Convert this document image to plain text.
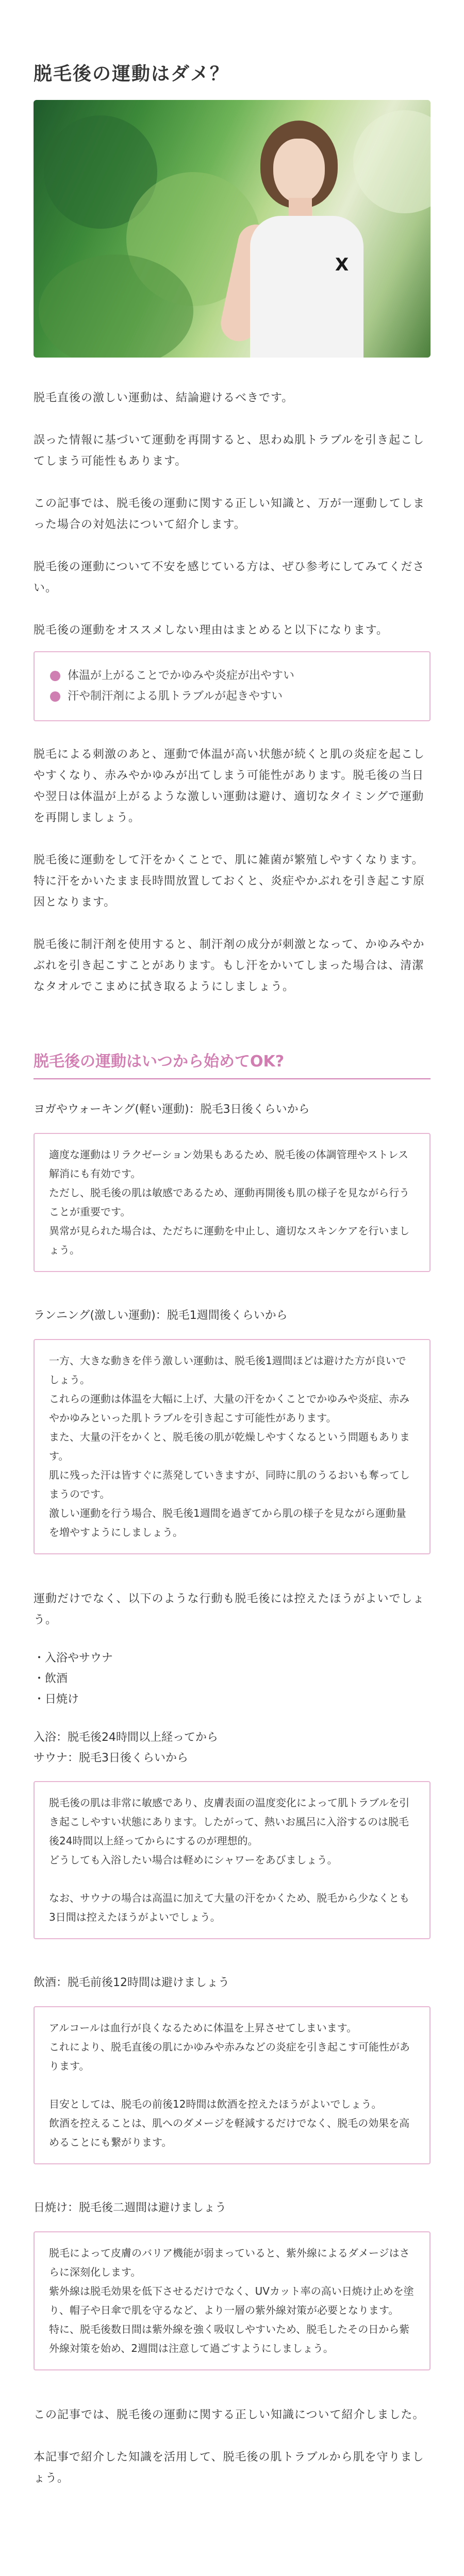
脱毛後の運動はダメ？
X

脱毛直後の激しい運動は、結論避けるべきです。

誤った情報に基づいて運動を再開すると、思わぬ肌トラブルを引き起こしてしまう可能性もあります。

この記事では、脱毛後の運動に関する正しい知識と、万が一運動してしまった場合の対処法について紹介します。

脱毛後の運動について不安を感じている方は、ぜひ参考にしてみてください。

脱毛後の運動をオススメしない理由はまとめると以下になります。

体温が上がることでかゆみや炎症が出やすい
汗や制汗剤による肌トラブルが起きやすい

脱毛による刺激のあと、運動で体温が高い状態が続くと肌の炎症を起こしやすくなり、赤みやかゆみが出てしまう可能性があります。脱毛後の当日や翌日は体温が上がるような激しい運動は避け、適切なタイミングで運動を再開しましょう。

脱毛後に運動をして汗をかくことで、肌に雑菌が繁殖しやすくなります。特に汗をかいたまま長時間放置しておくと、炎症やかぶれを引き起こす原因となります。

脱毛後に制汗剤を使用すると、制汗剤の成分が刺激となって、かゆみやかぶれを引き起こすことがあります。もし汗をかいてしまった場合は、清潔なタオルでこまめに拭き取るようにしましょう。

脱毛後の運動はいつから始めてOK?
ヨガやウォーキング(軽い運動)：脱毛3日後くらいから

適度な運動はリラクゼーション効果もあるため、脱毛後の体調管理やストレス解消にも有効です。

ただし、脱毛後の肌は敏感であるため、運動再開後も肌の様子を見ながら行うことが重要です。

異常が見られた場合は、ただちに運動を中止し、適切なスキンケアを行いましょう。

ランニング(激しい運動)：脱毛1週間後くらいから

一方、大きな動きを伴う激しい運動は、脱毛後1週間ほどは避けた方が良いでしょう。

これらの運動は体温を大幅に上げ、大量の汗をかくことでかゆみや炎症、赤みやかゆみといった肌トラブルを引き起こす可能性があります。

また、大量の汗をかくと、脱毛後の肌が乾燥しやすくなるという問題もあります。

肌に残った汗は皆すぐに蒸発していきますが、同時に肌のうるおいも奪ってしまうのです。

激しい運動を行う場合、脱毛後1週間を過ぎてから肌の様子を見ながら運動量を増やすようにしましょう。

運動だけでなく、以下のような行動も脱毛後には控えたほうがよいでしょう。

・入浴やサウナ
・飲酒
・日焼け
入浴：脱毛後24時間以上経ってから
サウナ：脱毛3日後くらいから

脱毛後の肌は非常に敏感であり、皮膚表面の温度変化によって肌トラブルを引き起こしやすい状態にあります。したがって、熱いお風呂に入浴するのは脱毛後24時間以上経ってからにするのが理想的。

どうしても入浴したい場合は軽めにシャワーをあびましょう。

なお、サウナの場合は高温に加えて大量の汗をかくため、脱毛から少なくとも3日間は控えたほうがよいでしょう。

飲酒：脱毛前後12時間は避けましょう

アルコールは血行が良くなるために体温を上昇させてしまいます。

これにより、脱毛直後の肌にかゆみや赤みなどの炎症を引き起こす可能性があります。

目安としては、脱毛の前後12時間は飲酒を控えたほうがよいでしょう。

飲酒を控えることは、肌へのダメージを軽減するだけでなく、脱毛の効果を高めることにも繋がります。

日焼け：脱毛後二週間は避けましょう

脱毛によって皮膚のバリア機能が弱まっていると、紫外線によるダメージはさらに深刻化します。

紫外線は脱毛効果を低下させるだけでなく、UVカット率の高い日焼け止めを塗り、帽子や日傘で肌を守るなど、より一層の紫外線対策が必要となります。

特に、脱毛後数日間は紫外線を強く吸収しやすいため、脱毛したその日から紫外線対策を始め、2週間は注意して過ごすようにしましょう。

この記事では、脱毛後の運動に関する正しい知識について紹介しました。

本記事で紹介した知識を活用して、脱毛後の肌トラブルから肌を守りましょう。
